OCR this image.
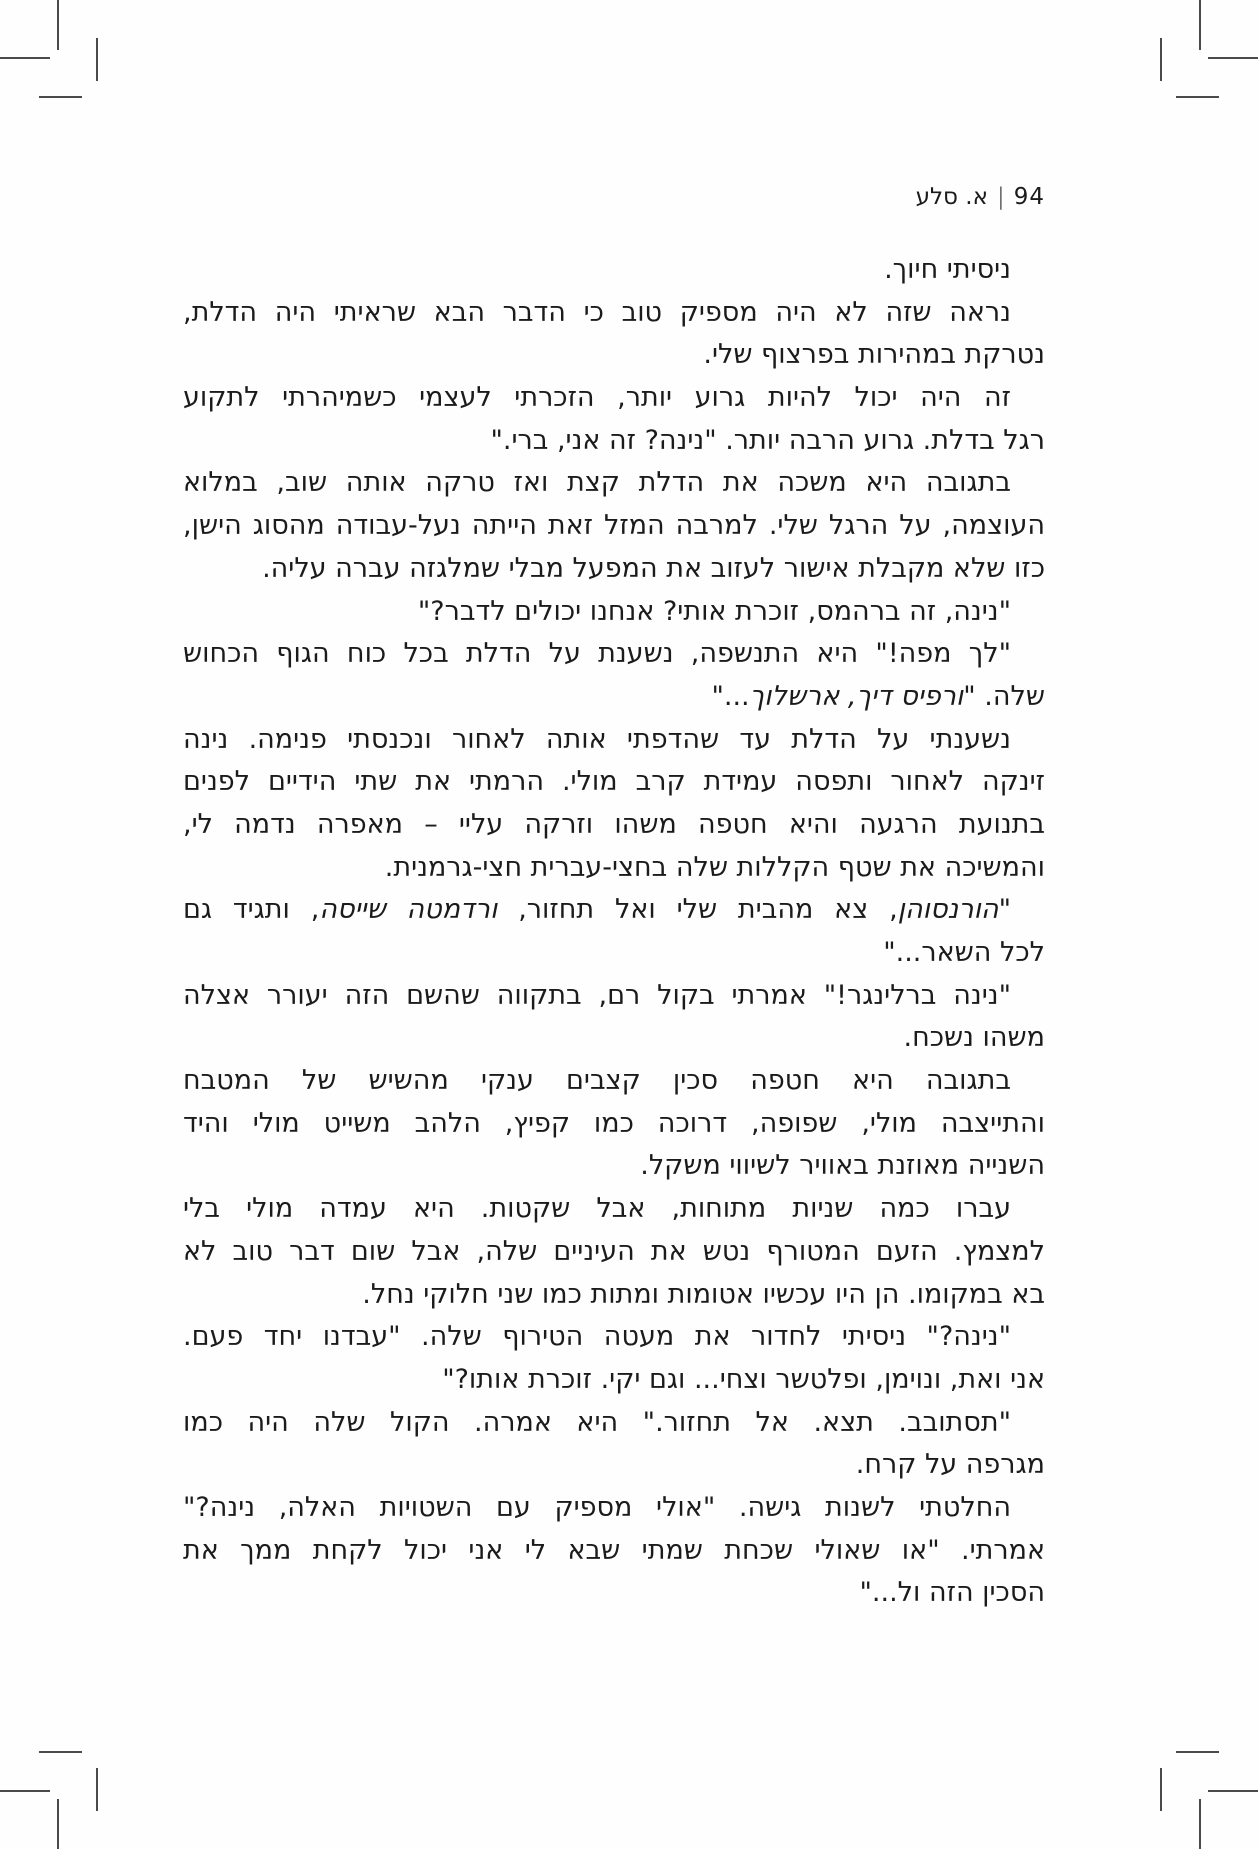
94|א. סלע
ניסיתי חיוך.
נראה שזה לא היה מספיק טוב כי הדבר הבא שראיתי היה הדלת,
נטרקת במהירות בפרצוף שלי.
זה היה יכול להיות גרוע יותר, הזכרתי לעצמי כשמיהרתי לתקוע
רגל בדלת. גרוע הרבה יותר. "נינה? זה אני, ברי."
בתגובה היא משכה את הדלת קצת ואז טרקה אותה שוב, במלוא
העוצמה, על הרגל שלי. למרבה המזל זאת הייתה נעל-עבודה מהסוג הישן,
כזו שלא מקבלת אישור לעזוב את המפעל מבלי שמלגזה עברה עליה.
"נינה, זה ברהמס, זוכרת אותי? אנחנו יכולים לדבר?"
"לך מפה!" היא התנשפה, נשענת על הדלת בכל כוח הגוף הכחוש
שלה. "ורפיס דיך, ארשלוך..."
נשענתי על הדלת עד שהדפתי אותה לאחור ונכנסתי פנימה. נינה
זינקה לאחור ותפסה עמידת קרב מולי. הרמתי את שתי הידיים לפנים
בתנועת הרגעה והיא חטפה משהו וזרקה עליי – מאפרה נדמה לי,
והמשיכה את שטף הקללות שלה בחצי-עברית חצי-גרמנית.
"הורנסוהן, צא מהבית שלי ואל תחזור, ורדמטה שייסה, ותגיד גם
לכל השאר..."
"נינה ברלינגר!" אמרתי בקול רם, בתקווה שהשם הזה יעורר אצלה
משהו נשכח.
בתגובה היא חטפה סכין קצבים ענקי מהשיש של המטבח
והתייצבה מולי, שפופה, דרוכה כמו קפיץ, הלהב משייט מולי והיד
השנייה מאוזנת באוויר לשיווי משקל.
עברו כמה שניות מתוחות, אבל שקטות. היא עמדה מולי בלי
למצמץ. הזעם המטורף נטש את העיניים שלה, אבל שום דבר טוב לא
בא במקומו. הן היו עכשיו אטומות ומתות כמו שני חלוקי נחל.
"נינה?" ניסיתי לחדור את מעטה הטירוף שלה. "עבדנו יחד פעם.
אני ואת, ונוימן, ופלטשר וצחי... וגם יקי. זוכרת אותו?"
"תסתובב. תצא. אל תחזור." היא אמרה. הקול שלה היה כמו
מגרפה על קרח.
החלטתי לשנות גישה. "אולי מספיק עם השטויות האלה, נינה?"
אמרתי. "או שאולי שכחת שמתי שבא לי אני יכול לקחת ממך את
הסכין הזה ול..."
